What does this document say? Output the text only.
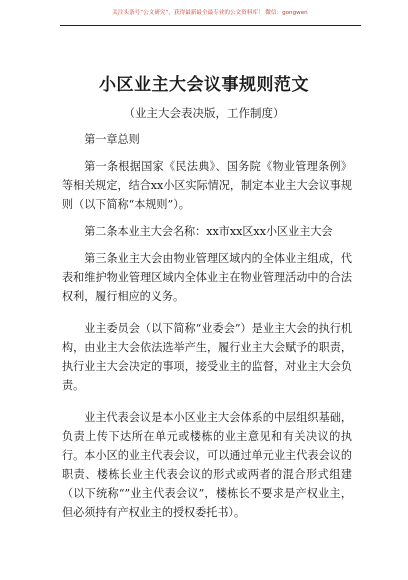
关注头条号“公文研究”，获得最新最全最专业的公文资料库！ 微信：gongwen
小区业主大会议事规则范文

（业主大会表决版，工作制度）

第一章总则

第一条根据国家《民法典》、国务院《物业管理条例》等相关规定，结合xx小区实际情况，制定本业主大会议事规则（以下简称“本规则”）。

第二条本业主大会名称：xx市xx区xx小区业主大会

第三条业主大会由物业管理区域内的全体业主组成，代表和维护物业管理区域内全体业主在物业管理活动中的合法权利，履行相应的义务。

业主委员会（以下简称“业委会”）是业主大会的执行机构，由业主大会依法选举产生，履行业主大会赋予的职责，执行业主大会决定的事项，接受业主的监督，对业主大会负责。

业主代表会议是本小区业主大会体系的中层组织基础，负责上传下达所在单元或楼栋的业主意见和有关决议的执行。本小区的业主代表会议，可以通过单元业主代表会议的职责、楼栋长业主代表会议的形式或两者的混合形式组建（以下统称“”业主代表会议”，楼栋长不要求是产权业主，但必须持有产权业主的授权委托书）。
